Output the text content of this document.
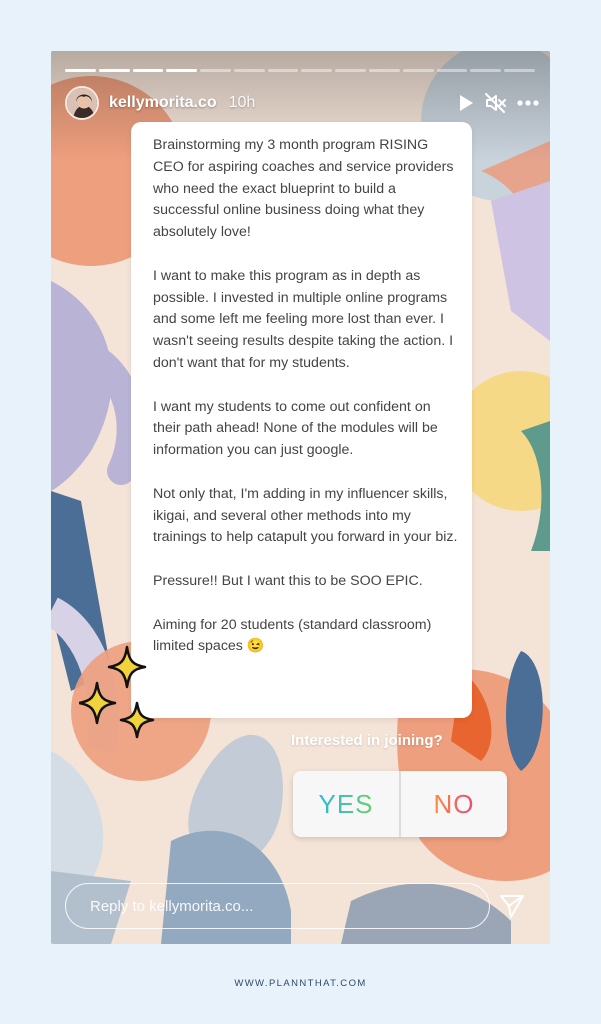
kellymorita.co 10h

Brainstorming my 3 month program RISING CEO for aspiring coaches and service providers who need the exact blueprint to build a successful online business doing what they absolutely love!

I want to make this program as in depth as possible. I invested in multiple online programs and some left me feeling more lost than ever. I wasn't seeing results despite taking the action. I don't want that for my students.

I want my students to come out confident on their path ahead! None of the modules will be information you can just google.

Not only that, I'm adding in my influencer skills, ikigai, and several other methods into my trainings to help catapult you forward in your biz.

Pressure!! But I want this to be SOO EPIC.

Aiming for 20 students (standard classroom) limited spaces 😉

Interested in joining?
YES NO
Reply to kellymorita.co...
WWW.PLANNTHAT.COM
